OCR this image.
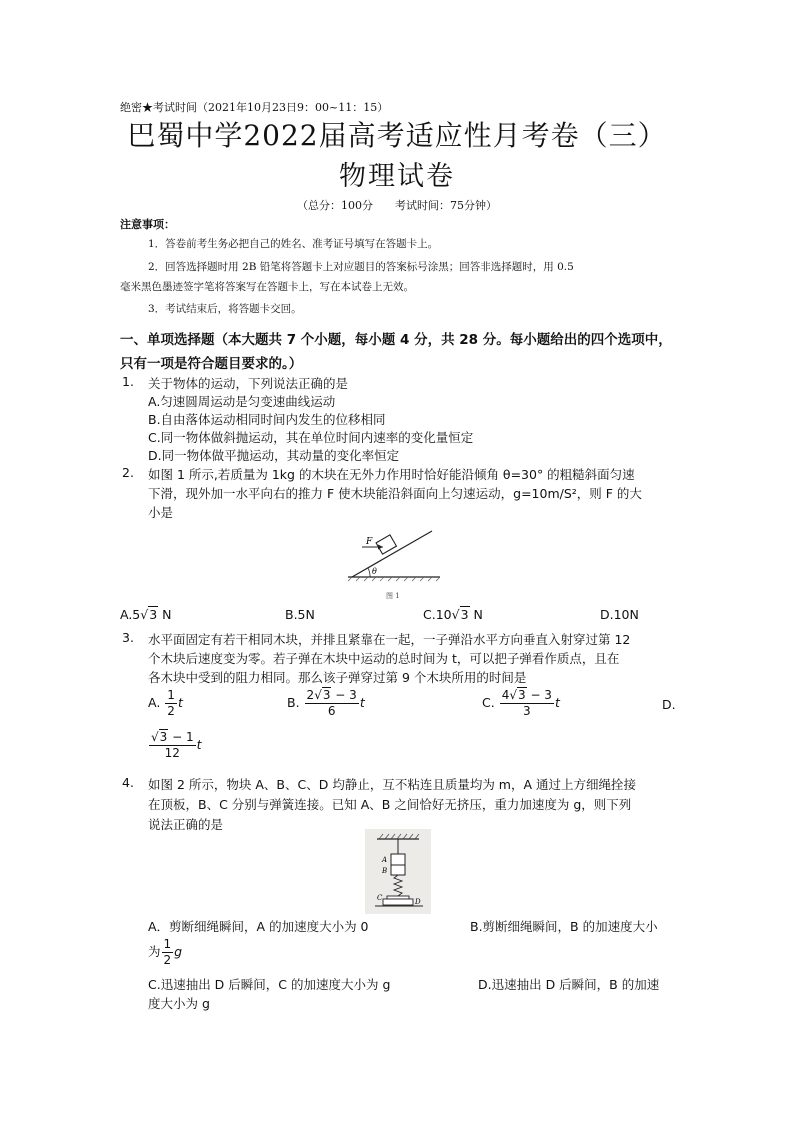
绝密★考试时间（2021年10月23日9：00~11：15）
巴蜀中学2022届高考适应性月考卷（三）
物理试卷
（总分：100分　　考试时间：75分钟）
注意事项：
1．答卷前考生务必把自己的姓名、准考证号填写在答题卡上。
2．回答选择题时用 2B 铅笔将答题卡上对应题目的答案标号涂黑；回答非选择题时，用 0.5
毫米黑色墨迹签字笔将答案写在答题卡上，写在本试卷上无效。
3．考试结束后，将答题卡交回。
一、单项选择题（本大题共 7 个小题，每小题 4 分，共 28 分。每小题给出的四个选项中，
只有一项是符合题目要求的。）
1. 关于物体的运动，下列说法正确的是
A.匀速圆周运动是匀变速曲线运动
B.自由落体运动相同时间内发生的位移相同
C.同一物体做斜抛运动，其在单位时间内速率的变化量恒定
D.同一物体做平抛运动，其动量的变化率恒定
2. 如图 1 所示,若质量为 1kg 的木块在无外力作用时恰好能沿倾角 θ=30° 的粗糙斜面匀速
下滑，现外加一水平向右的推力 F 使木块能沿斜面向上匀速运动，g=10m/S²，则 F 的大
小是
F
θ
图 1
A.5√3 N	B.5N	C.10√3 N	D.10N
3. 水平面固定有若干相同木块，并排且紧靠在一起，一子弹沿水平方向垂直入射穿过第 12
个木块后速度变为零。若子弹在木块中运动的总时间为 t，可以把子弹看作质点，且在
各木块中受到的阻力相同。那么该子弹穿过第 9 个木块所用的时间是
A. $\frac{1}{2}$ t	B. $\frac{2√3 - 3}{6}$ t	C. $\frac{4√3 - 3}{3}$ t	D.
$\frac{√3 - 1}{12}$ t
4. 如图 2 所示，物块 A、B、C、D 均静止，互不粘连且质量均为 m，A 通过上方细绳拴接
在顶板，B、C 分别与弹簧连接。已知 A、B 之间恰好无挤压，重力加速度为 g，则下列
说法正确的是
A
B
C	D
A．剪断细绳瞬间，A 的加速度大小为 0	B.剪断细绳瞬间，B 的加速度大小
为 $\frac{1}{2}$ g
C.迅速抽出 D 后瞬间，C 的加速度大小为 g	D.迅速抽出 D 后瞬间，B 的加速
度大小为 g
